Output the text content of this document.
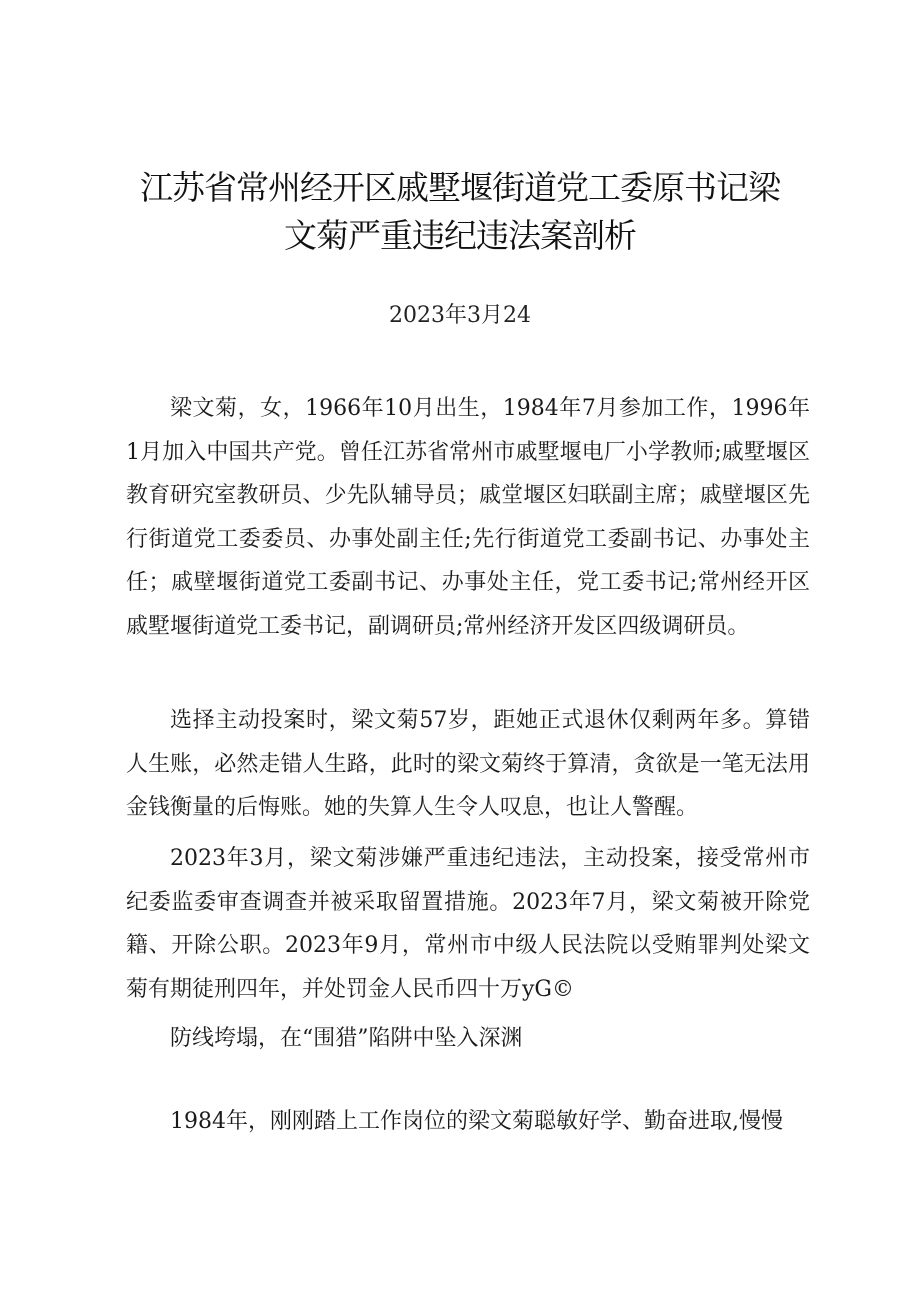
江苏省常州经开区戚墅堰街道党工委原书记梁
文菊严重违纪违法案剖析
2023年3月24

梁文菊，女，1966年10月出生，1984年7月参加工作，1996年1月加入中国共产党。曾任江苏省常州市戚墅堰电厂小学教师;戚墅堰区教育研究室教研员、少先队辅导员；戚堂堰区妇联副主席；戚壁堰区先行街道党工委委员、办事处副主任;先行街道党工委副书记、办事处主任；戚壁堰街道党工委副书记、办事处主任，党工委书记;常州经开区戚墅堰街道党工委书记，副调研员;常州经济开发区四级调研员。

选择主动投案时，梁文菊57岁，距她正式退休仅剩两年多。算错人生账，必然走错人生路，此时的梁文菊终于算清，贪欲是一笔无法用金钱衡量的后悔账。她的失算人生令人叹息，也让人警醒。

2023年3月，梁文菊涉嫌严重违纪违法，主动投案，接受常州市纪委监委审查调查并被采取留置措施。2023年7月，梁文菊被开除党籍、开除公职。2023年9月，常州市中级人民法院以受贿罪判处梁文菊有期徒刑四年，并处罚金人民币四十万yG©

防线垮塌，在“围猎”陷阱中坠入深渊

1984年，刚刚踏上工作岗位的梁文菊聪敏好学、勤奋进取,慢慢
